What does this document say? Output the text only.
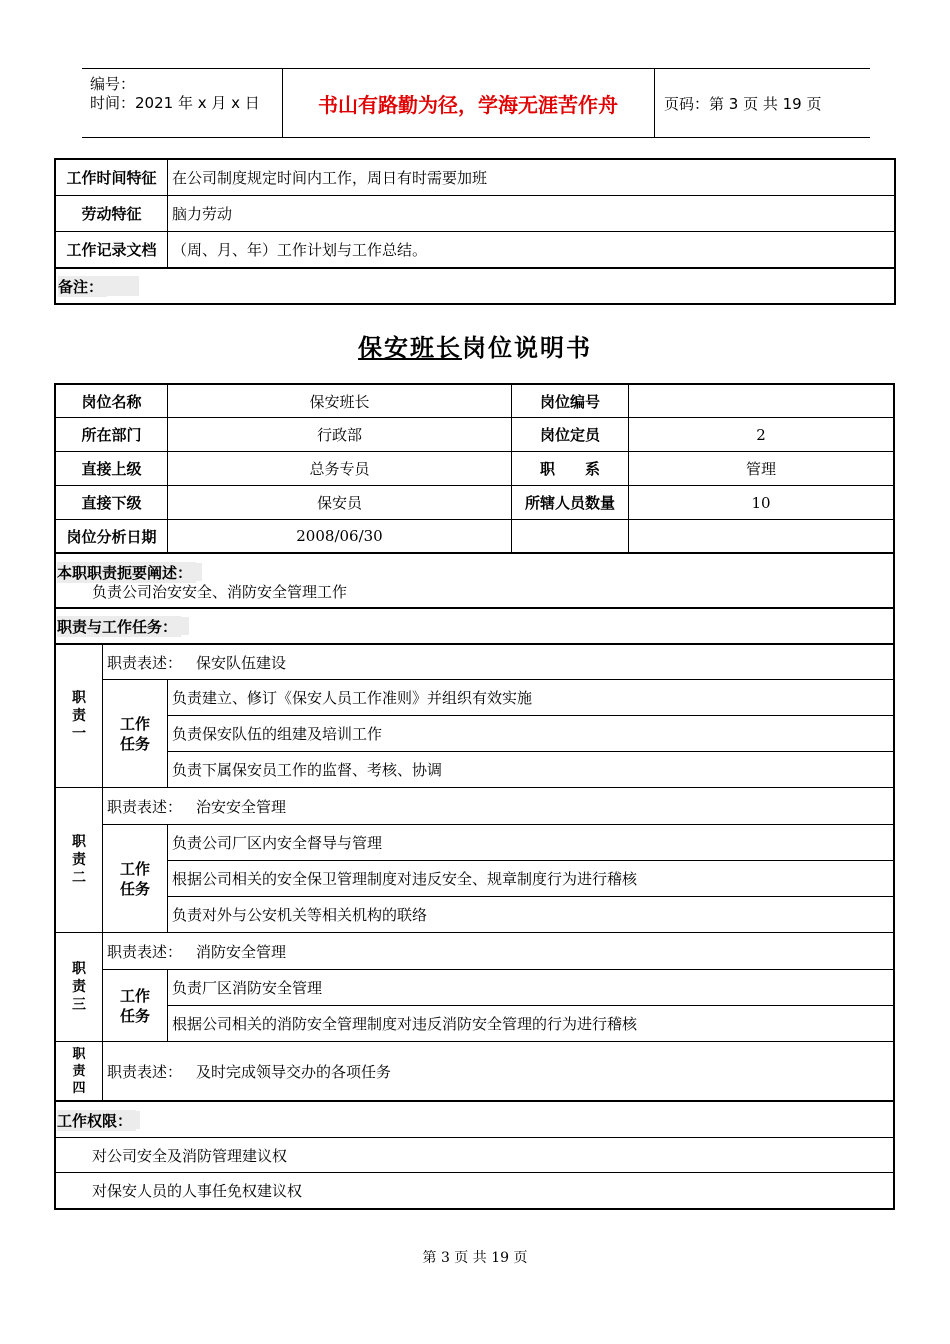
编号：
时间：2021 年 x 月 x 日	书山有路勤为径，学海无涯苦作舟	页码：第 3 页 共 19 页
工作时间特征	在公司制度规定时间内工作，周日有时需要加班
劳动特征	脑力劳动
工作记录文档	（周、月、年）工作计划与工作总结。
备注：
保安班长岗位说明书
岗位名称	保安班长	岗位编号
所在部门	行政部	岗位定员	2
直接上级	总务专员	职　　系	管理
直接下级	保安员	所辖人员数量	10
岗位分析日期	2008/06/30
本职职责扼要阐述：
负责公司治安安全、消防安全管理工作
职责与工作任务：
职
责
一
职责表述： 保安队伍建设
工作
任务
负责建立、修订《保安人员工作准则》并组织有效实施
负责保安队伍的组建及培训工作
负责下属保安员工作的监督、考核、协调
职
责
二
职责表述： 治安安全管理
工作
任务
负责公司厂区内安全督导与管理
根据公司相关的安全保卫管理制度对违反安全、规章制度行为进行稽核
负责对外与公安机关等相关机构的联络
职
责
三
职责表述： 消防安全管理
工作
任务
负责厂区消防安全管理
根据公司相关的消防安全管理制度对违反消防安全管理的行为进行稽核
职
责
四
职责表述： 及时完成领导交办的各项任务
工作权限：
对公司安全及消防管理建议权
对保安人员的人事任免权建议权
第 3 页 共 19 页
